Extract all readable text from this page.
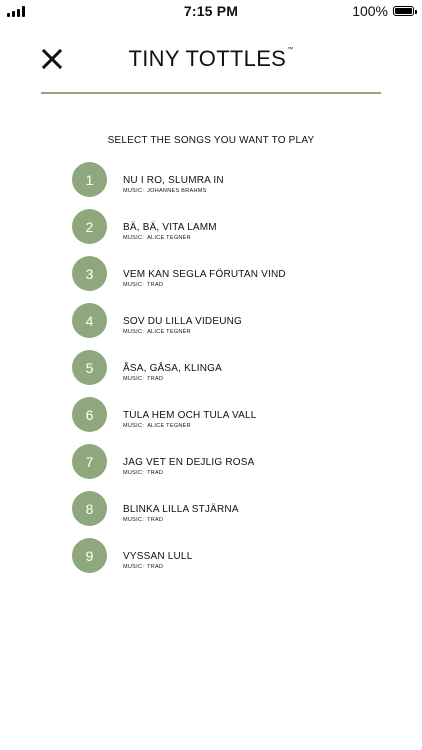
7:15 PM	100%
TINY TOTTLES™
SELECT THE SONGS YOU WANT TO PLAY
1	NU I RO, SLUMRA IN
MUSIC: JOHANNES BRAHMS
2	BÄ, BÄ, VITA LAMM
MUSIC: ALICE TEGNÉR
3	VEM KAN SEGLA FÖRUTAN VIND
MUSIC: TRAD
4	SOV DU LILLA VIDEUNG
MUSIC: ALICE TEGNÉR
5	ÅSA, GÅSA, KLINGA
MUSIC: TRAD
6	TULA HEM OCH TULA VALL
MUSIC: ALICE TEGNÉR
7	JAG VET EN DEJLIG ROSA
MUSIC: TRAD
8	BLINKA LILLA STJÄRNA
MUSIC: TRAD
9	VYSSAN LULL
MUSIC: TRAD
